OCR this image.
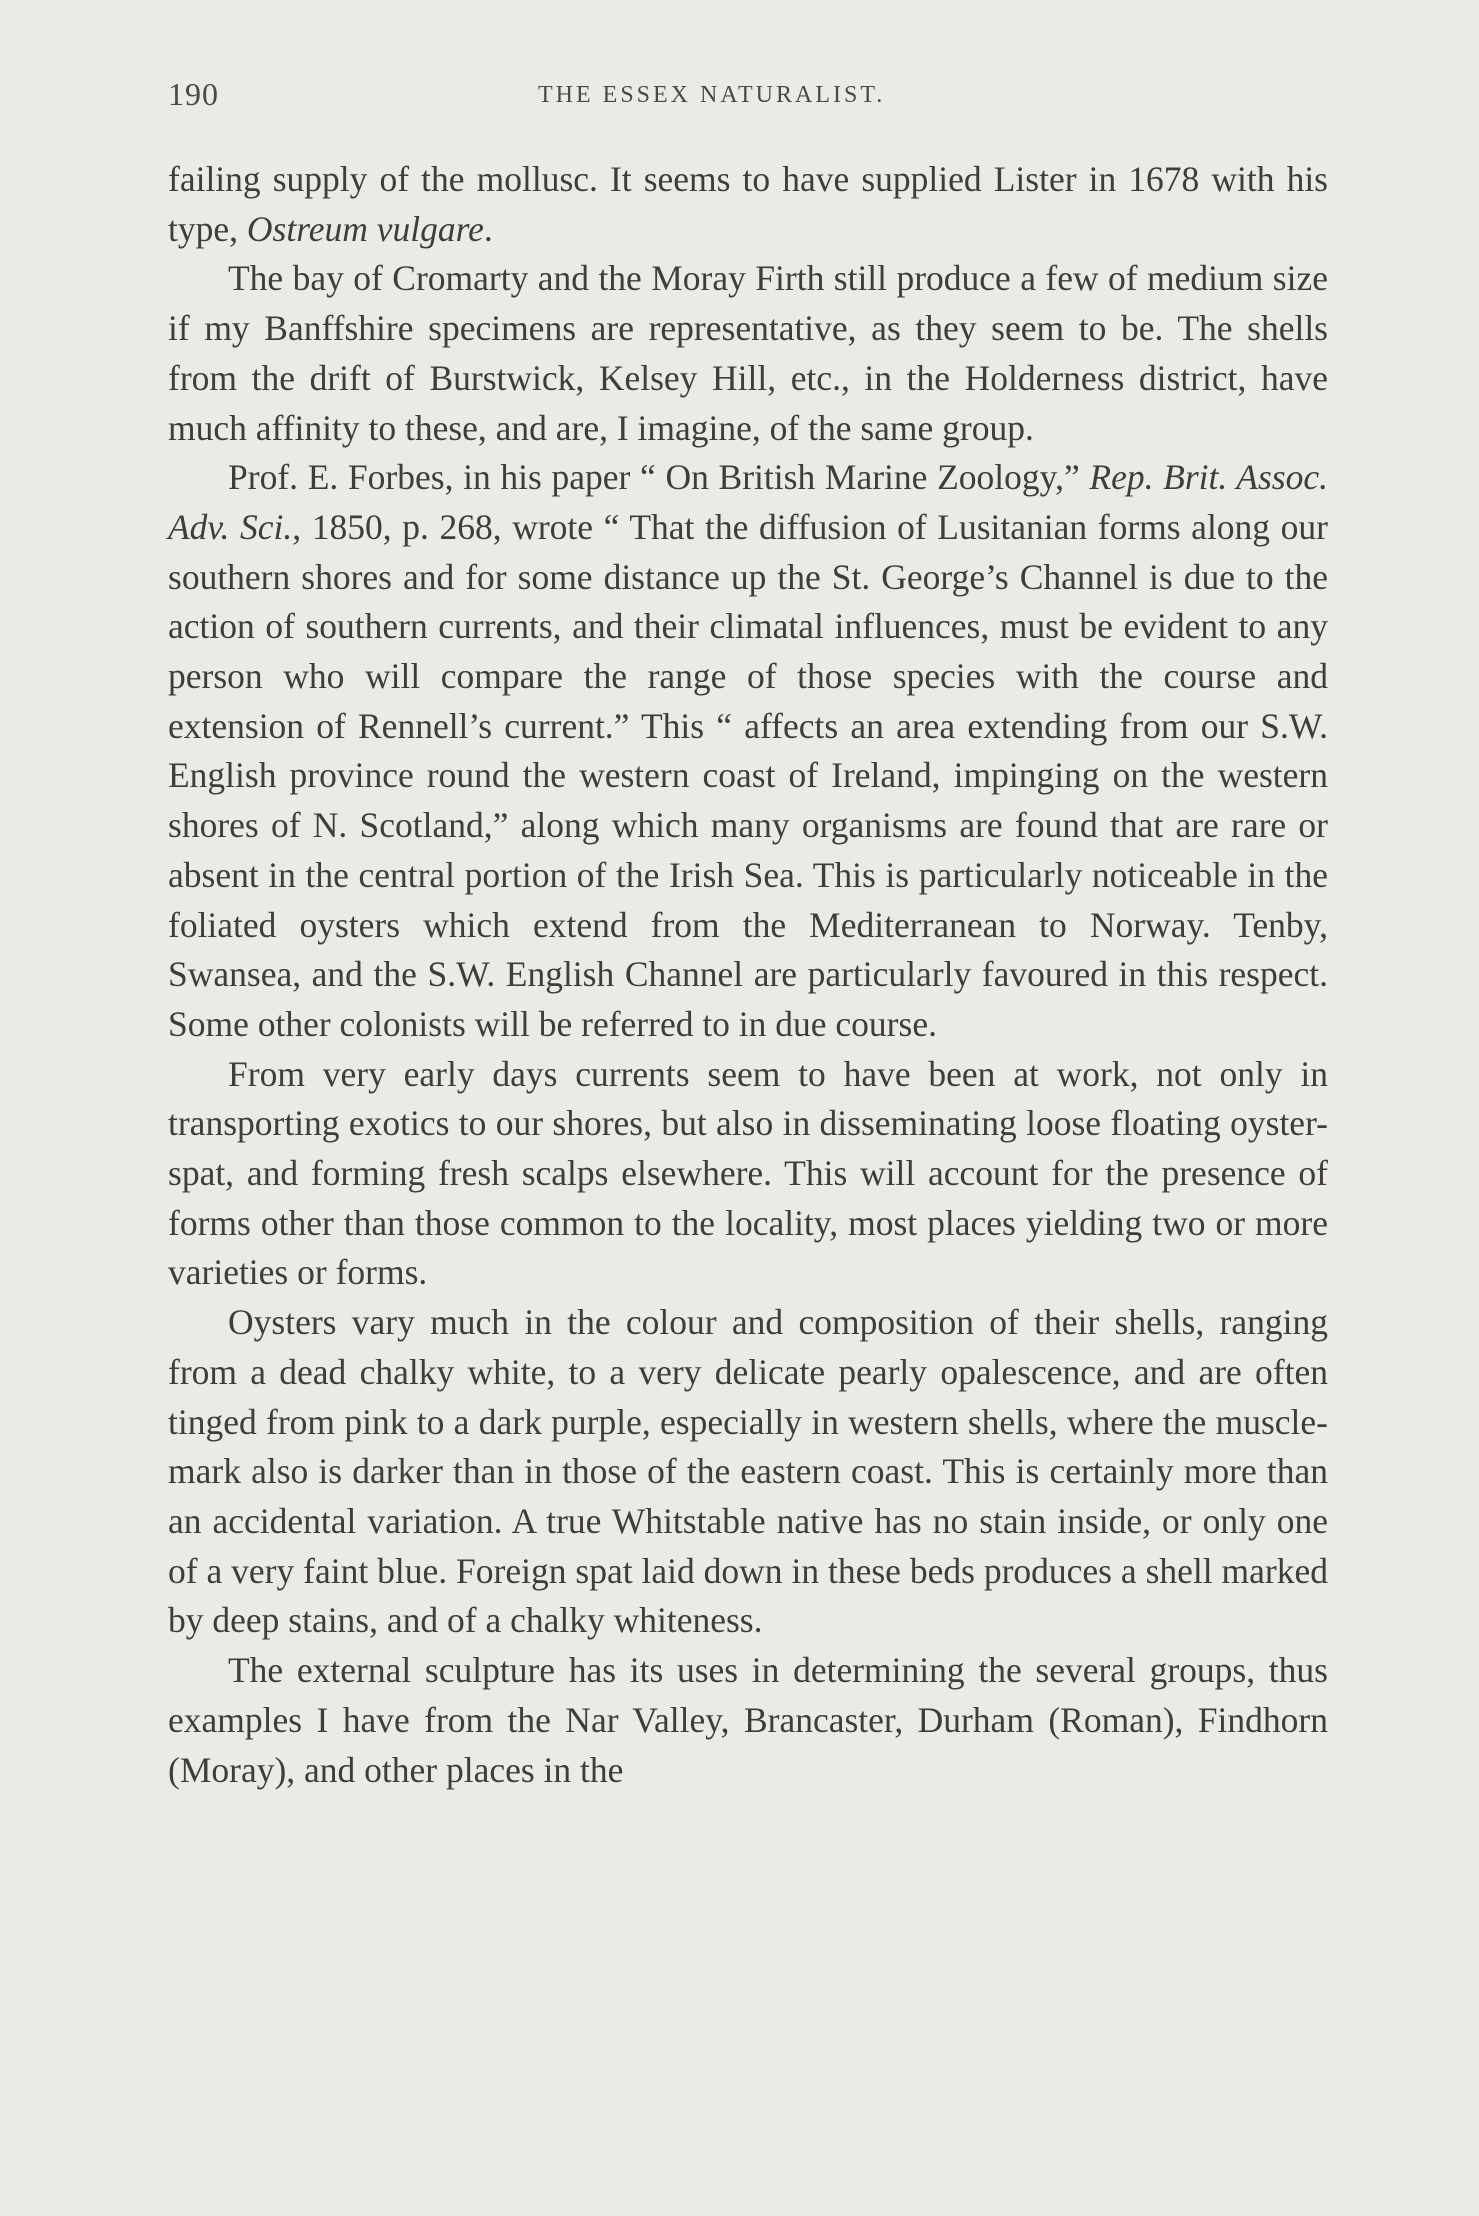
190	THE ESSEX NATURALIST.

failing supply of the mollusc. It seems to have supplied Lister in 1678 with his type, Ostreum vulgare.

The bay of Cromarty and the Moray Firth still produce a few of medium size if my Banffshire specimens are representative, as they seem to be. The shells from the drift of Burstwick, Kelsey Hill, etc., in the Holderness district, have much affinity to these, and are, I imagine, of the same group.

Prof. E. Forbes, in his paper “ On British Marine Zoology,” Rep. Brit. Assoc. Adv. Sci., 1850, p. 268, wrote “ That the diffusion of Lusitanian forms along our southern shores and for some distance up the St. George’s Channel is due to the action of southern currents, and their climatal influences, must be evident to any person who will compare the range of those species with the course and extension of Rennell’s current.” This “ affects an area extending from our S.W. English province round the western coast of Ireland, impinging on the western shores of N. Scotland,” along which many organisms are found that are rare or absent in the central portion of the Irish Sea. This is particularly noticeable in the foliated oysters which extend from the Mediterranean to Norway. Tenby, Swansea, and the S.W. English Channel are particularly favoured in this respect. Some other colonists will be referred to in due course.

From very early days currents seem to have been at work, not only in transporting exotics to our shores, but also in disseminating loose floating oyster-spat, and forming fresh scalps elsewhere. This will account for the presence of forms other than those common to the locality, most places yielding two or more varieties or forms.

Oysters vary much in the colour and composition of their shells, ranging from a dead chalky white, to a very delicate pearly opalescence, and are often tinged from pink to a dark purple, especially in western shells, where the muscle-mark also is darker than in those of the eastern coast. This is certainly more than an accidental variation. A true Whitstable native has no stain inside, or only one of a very faint blue. Foreign spat laid down in these beds produces a shell marked by deep stains, and of a chalky whiteness.

The external sculpture has its uses in determining the several groups, thus examples I have from the Nar Valley, Brancaster, Durham (Roman), Findhorn (Moray), and other places in the
